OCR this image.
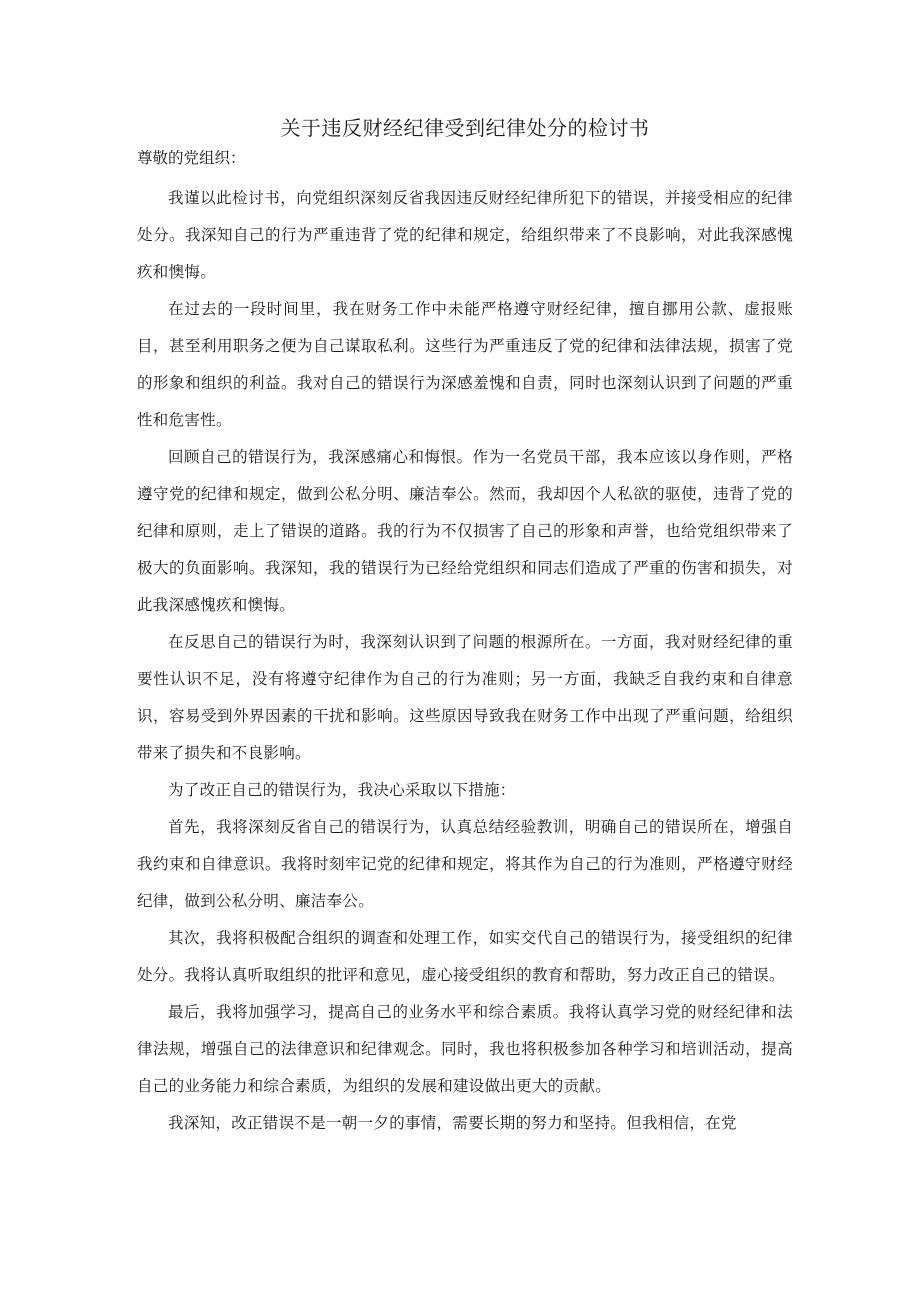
关于违反财经纪律受到纪律处分的检讨书

尊敬的党组织：

我谨以此检讨书，向党组织深刻反省我因违反财经纪律所犯下的错误，并接受相应的纪律处分。我深知自己的行为严重违背了党的纪律和规定，给组织带来了不良影响，对此我深感愧疚和懊悔。

在过去的一段时间里，我在财务工作中未能严格遵守财经纪律，擅自挪用公款、虚报账目，甚至利用职务之便为自己谋取私利。这些行为严重违反了党的纪律和法律法规，损害了党的形象和组织的利益。我对自己的错误行为深感羞愧和自责，同时也深刻认识到了问题的严重性和危害性。

回顾自己的错误行为，我深感痛心和悔恨。作为一名党员干部，我本应该以身作则，严格遵守党的纪律和规定，做到公私分明、廉洁奉公。然而，我却因个人私欲的驱使，违背了党的纪律和原则，走上了错误的道路。我的行为不仅损害了自己的形象和声誉，也给党组织带来了极大的负面影响。我深知，我的错误行为已经给党组织和同志们造成了严重的伤害和损失，对此我深感愧疚和懊悔。

在反思自己的错误行为时，我深刻认识到了问题的根源所在。一方面，我对财经纪律的重要性认识不足，没有将遵守纪律作为自己的行为准则；另一方面，我缺乏自我约束和自律意识，容易受到外界因素的干扰和影响。这些原因导致我在财务工作中出现了严重问题，给组织带来了损失和不良影响。

为了改正自己的错误行为，我决心采取以下措施：

首先，我将深刻反省自己的错误行为，认真总结经验教训，明确自己的错误所在，增强自我约束和自律意识。我将时刻牢记党的纪律和规定，将其作为自己的行为准则，严格遵守财经纪律，做到公私分明、廉洁奉公。

其次，我将积极配合组织的调查和处理工作，如实交代自己的错误行为，接受组织的纪律处分。我将认真听取组织的批评和意见，虚心接受组织的教育和帮助，努力改正自己的错误。

最后，我将加强学习，提高自己的业务水平和综合素质。我将认真学习党的财经纪律和法律法规，增强自己的法律意识和纪律观念。同时，我也将积极参加各种学习和培训活动，提高自己的业务能力和综合素质，为组织的发展和建设做出更大的贡献。

我深知，改正错误不是一朝一夕的事情，需要长期的努力和坚持。但我相信，在党
